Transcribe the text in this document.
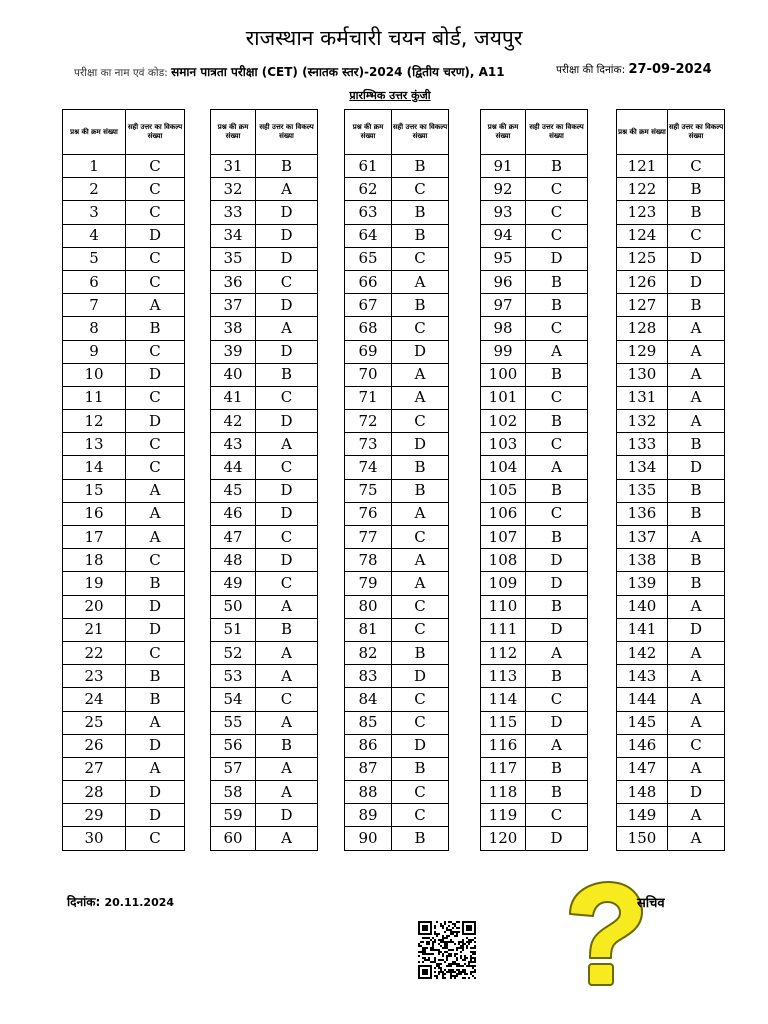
राजस्थान कर्मचारी चयन बोर्ड, जयपुर
परीक्षा का नाम एवं कोड: समान पात्रता परीक्षा (CET) (स्नातक स्तर)-2024 (द्वितीय चरण), A11	परीक्षा की दिनांक: 27-09-2024
प्रारम्भिक उत्तर कुंजी
प्रश्न की क्रम संख्या	सही उत्तर का विकल्प संख्या
1	C
2	C
3	C
4	D
5	C
6	C
7	A
8	B
9	C
10	D
11	C
12	D
13	C
14	C
15	A
16	A
17	A
18	C
19	B
20	D
21	D
22	C
23	B
24	B
25	A
26	D
27	A
28	D
29	D
30	C
प्रश्न की क्रम संख्या	सही उत्तर का विकल्प संख्या
31	B
32	A
33	D
34	D
35	D
36	C
37	D
38	A
39	D
40	B
41	C
42	D
43	A
44	C
45	D
46	D
47	C
48	D
49	C
50	A
51	B
52	A
53	A
54	C
55	A
56	B
57	A
58	A
59	D
60	A
प्रश्न की क्रम संख्या	सही उत्तर का विकल्प संख्या
61	B
62	C
63	B
64	B
65	C
66	A
67	B
68	C
69	D
70	A
71	A
72	C
73	D
74	B
75	B
76	A
77	C
78	A
79	A
80	C
81	C
82	B
83	D
84	C
85	C
86	D
87	B
88	C
89	C
90	B
प्रश्न की क्रम संख्या	सही उत्तर का विकल्प संख्या
91	B
92	C
93	C
94	C
95	D
96	B
97	B
98	C
99	A
100	B
101	C
102	B
103	C
104	A
105	B
106	C
107	B
108	D
109	D
110	B
111	D
112	A
113	B
114	C
115	D
116	A
117	B
118	B
119	C
120	D
प्रश्न की क्रम संख्या	सही उत्तर का विकल्प संख्या
121	C
122	B
123	B
124	C
125	D
126	D
127	B
128	A
129	A
130	A
131	A
132	A
133	B
134	D
135	B
136	B
137	A
138	B
139	B
140	A
141	D
142	A
143	A
144	A
145	A
146	C
147	A
148	D
149	A
150	A
दिनांक: 20.11.2024	सचिव
